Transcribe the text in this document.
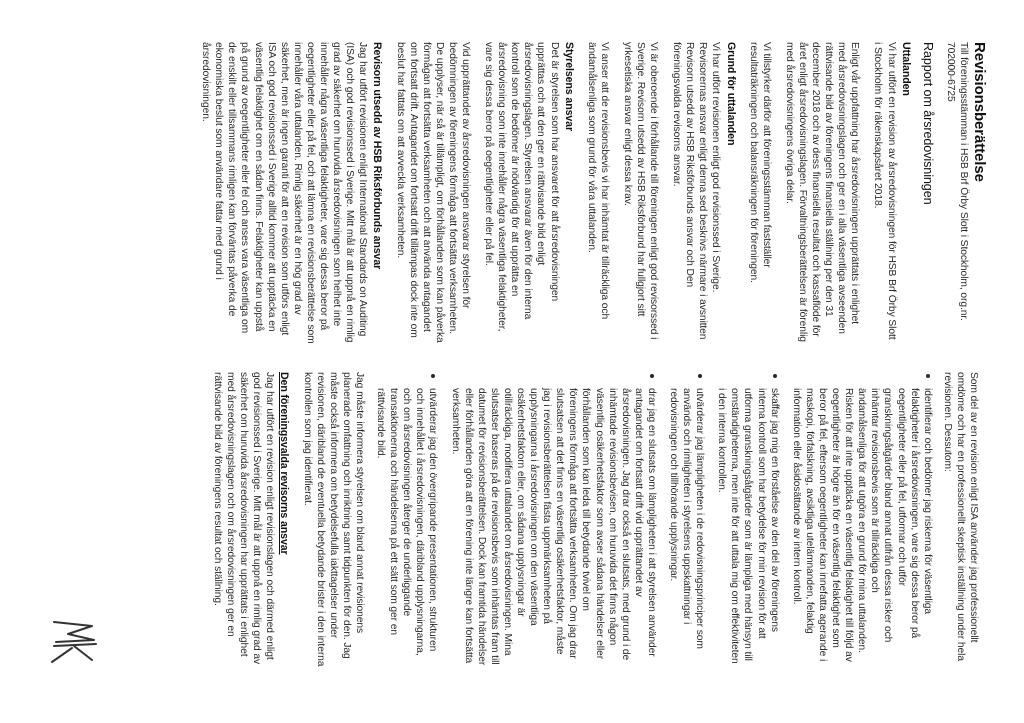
Revisionsberättelse

Till föreningsstämman i HSB Brf Örby Slott i Stockholm, org.nr.

702000-6725

Rapport om årsredovisningen
Uttalanden
Vi har utfört en revision av årsredovisningen för HSB Brf Örby Slott
i Stockholm för räkenskapsåret 2018.
Enligt vår uppfattning har årsredovisningen upprättats i enlighet
med årsredovisningslagen och ger en i alla väsentliga avseenden
rättvisande bild av föreningens finansiella ställning per den 31
december 2018 och av dess finansiella resultat och kassaflöde för
året enligt årsredovisningslagen. Förvaltningsberättelsen är förenlig
med årsredovisningens övriga delar.
Vi tillstyrker därför att föreningsstämman fastställer
resultaträkningen och balansräkningen för föreningen.
Grund för uttalanden
Vi har utfört revisionen enligt god revisionssed i Sverige.
Revisorernas ansvar enligt denna sed beskrivs närmare i avsnitten
Revisorn utsedd av HSB Riksförbunds ansvar och Den
föreningsvalda revisorns ansvar.
Vi är oberoende i förhållande till föreningen enligt god revisorssed i
Sverige. Revisorn utsedd av HSB Riksförbund har fullgjort sitt
yrkesetiska ansvar enligt dessa krav.
Vi anser att de revisionsbevis vi har inhämtat är tillräckliga och
ändamålsenliga som grund för våra uttalanden.
Styrelsens ansvar
Det är styrelsen som har ansvaret för att årsredovisningen
upprättas och att den ger en rättvisande bild enligt
årsredovisningslagen. Styrelsen ansvarar även för den interna
kontroll som de bedömer är nödvändig för att upprätta en
årsredovisning som inte innehåller några väsentliga felaktigheter,
vare sig dessa beror på oegentligheter eller på fel.
Vid upprättandet av årsredovisningen ansvarar styrelsen för
bedömningen av föreningens förmåga att fortsätta verksamheten.
De upplyser, när så är tillämpligt, om förhållanden som kan påverka
förmågan att fortsätta verksamheten och att använda antagandet
om fortsatt drift. Antagandet om fortsatt drift tillämpas dock inte om
beslut har fattats om att avveckla verksamheten.
Revisorn utsedd av HSB Riksförbunds ansvar
Jag har utfört revisionen enligt International Standards on Auditing
(ISA) och god revisionssed i Sverige. Mitt mål är att uppnå en rimlig
grad av säkerhet om huruvida årsredovisningen som helhet inte
innehåller några väsentliga felaktigheter, vare sig dessa beror på
oegentligheter eller på fel, och att lämna en revisionsberättelse som
innehåller våra uttalanden. Rimlig säkerhet är en hög grad av
säkerhet, men är ingen garanti för att en revision som utförs enligt
ISA och god revisionssed i Sverige alltid kommer att upptäcka en
väsentlig felaktighet om en sådan finns. Felaktigheter kan uppstå
på grund av oegentligheter eller fel och anses vara väsentliga om
de enskilt eller tillsammans rimligen kan förväntas påverka de
ekonomiska beslut som användare fattar med grund i
årsredovisningen.
Som del av en revision enligt ISA använder jag professionellt
omdöme och har en professionellt skeptisk inställning under hela
revisionen. Dessutom:
• identifierar och bedömer jag riskerna för väsentliga
felaktigheter i årsredovisningen, vare sig dessa beror på
oegentligheter eller på fel, utformar och utför
granskningsåtgärder bland annat utifrån dessa risker och
inhämtar revisionsbevis som är tillräckliga och
ändamålsenliga för att utgöra en grund för mina uttalanden.
Risken för att inte upptäcka en väsentlig felaktighet till följd av
oegentligheter är högre än för en väsentlig felaktighet som
beror på fel, eftersom oegentligheter kan innefatta agerande i
maskopi, förfalskning, avsiktliga utelämnanden, felaktig
information eller åsidosättande av intern kontroll.
• skaffar jag mig en förståelse av den del av föreningens
interna kontroll som har betydelse för min revision för att
utforma granskningsåtgärder som är lämpliga med hänsyn till
omständigheterna, men inte för att uttala mig om effektiviteten
i den interna kontrollen.
• utvärderar jag lämpligheten i de redovisningsprinciper som
används och rimligheten i styrelsens uppskattningar i
redovisningen och tillhörande upplysningar.
• drar jag en slutsats om lämpligheten i att styrelsen använder
antagandet om fortsatt drift vid upprättandet av
årsredovisningen. Jag drar också en slutsats, med grund i de
inhämtade revisionsbevisen, om huruvida det finns någon
väsentlig osäkerhetsfaktor som avser sådana händelser eller
förhållanden som kan leda till betydande tvivel om
föreningens förmåga att fortsätta verksamheten. Om jag drar
slutsatsen att det finns en väsentlig osäkerhetsfaktor, måste
jag i revisionsberättelsen fästa uppmärksamheten på
upplysningarna i årsredovisningen om den väsentliga
osäkerhetsfaktorn eller, om sådana upplysningar är
otillräckliga, modifiera uttalandet om årsredovisningen. Mina
slutsatser baseras på de revisionsbevis som inhämtas fram till
datumet för revisionsberättelsen. Dock kan framtida händelser
eller förhållanden göra att en förening inte längre kan fortsätta
verksamheten.
• utvärderar jag den övergripande presentationen, strukturen
och innehållet i årsredovisningen, däribland upplysningarna,
och om årsredovisningen återger de underliggande
transaktionerna och händelserna på ett sätt som ger en
rättvisande bild.
Jag måste informera styrelsen om bland annat revisionens
planerade omfattning och inriktning samt tidpunkten för den. Jag
måste också informera om betydelsefulla iakttagelser under
revisionen, däribland de eventuella betydande brister i den interna
kontrollen som jag identifierat.
Den föreningsvalda revisorns ansvar
Jag har utfört en revision enligt revisionslagen och därmed enligt
god revisionssed i Sverige. Mitt mål är att uppnå en rimlig grad av
säkerhet om huruvida årsredovisningen har upprättats i enlighet
med årsredovisningslagen och om årsredovisningen ger en
rättvisande bild av föreningens resultat och ställning.
